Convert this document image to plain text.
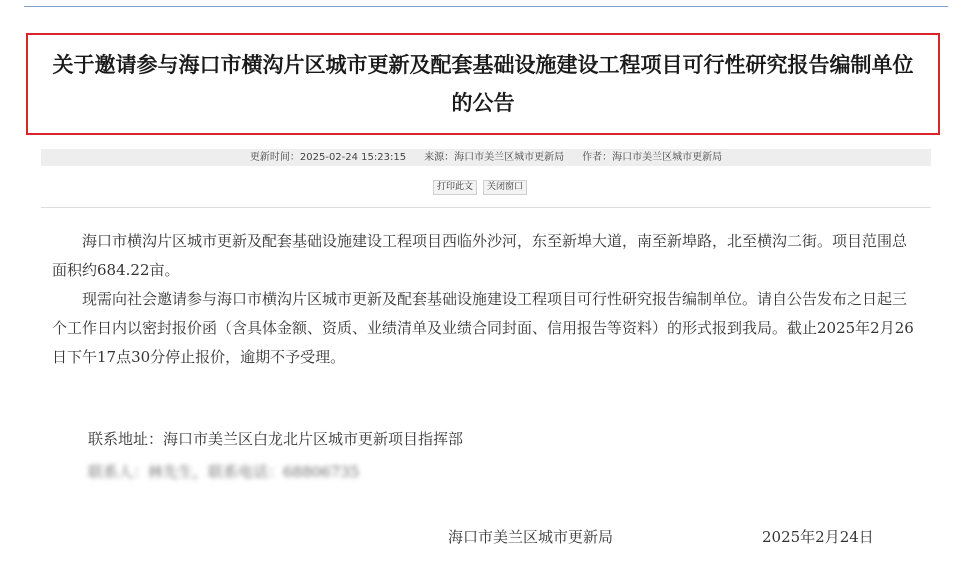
关于邀请参与海口市横沟片区城市更新及配套基础设施建设工程项目可行性研究报告编制单位的公告
更新时间：2025-02-24 15:23:15 来源：海口市美兰区城市更新局 作者：海口市美兰区城市更新局
打印此文	关闭窗口

海口市横沟片区城市更新及配套基础设施建设工程项目西临外沙河，东至新埠大道，南至新埠路，北至横沟二街。项目范围总面积约684.22亩。

现需向社会邀请参与海口市横沟片区城市更新及配套基础设施建设工程项目可行性研究报告编制单位。请自公告发布之日起三个工作日内以密封报价函（含具体金额、资质、业绩清单及业绩合同封面、信用报告等资料）的形式报到我局。截止2025年2月26日下午17点30分停止报价，逾期不予受理。

联系地址：海口市美兰区白龙北片区城市更新项目指挥部
联系人：林先生，联系电话：68806735
海口市美兰区城市更新局	2025年2月24日
